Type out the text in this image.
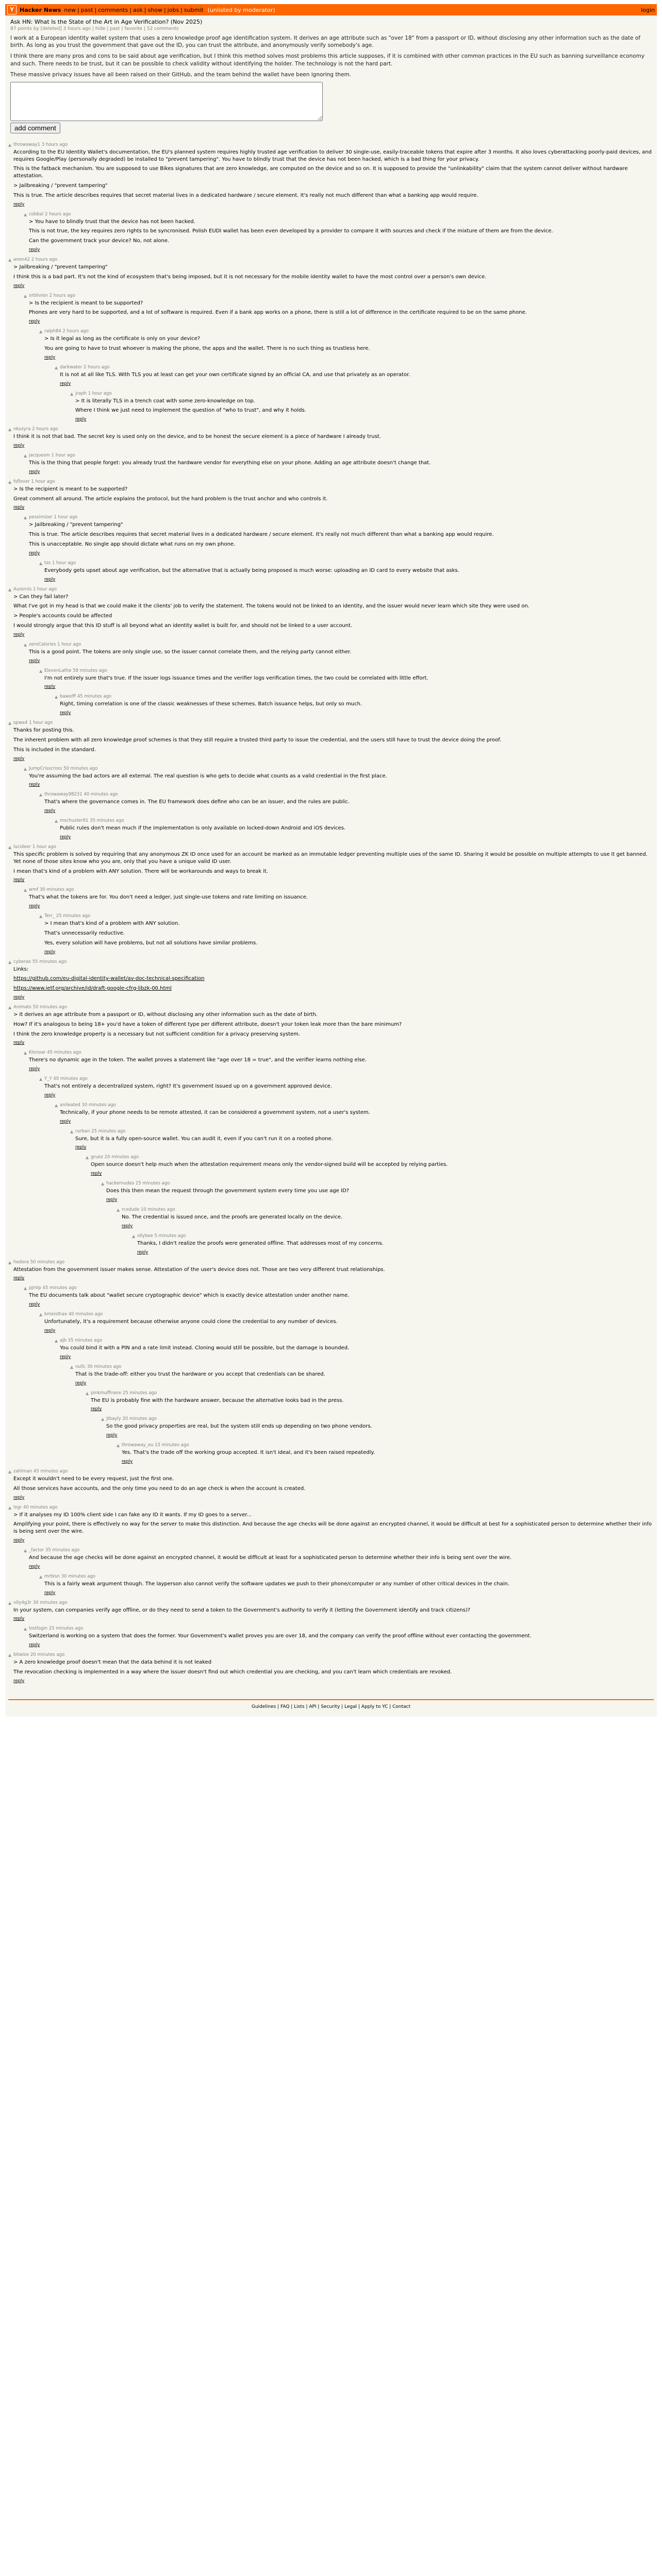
Y	Hacker News new | past | comments | ask | show | jobs | submit (unlisted by moderator)	login
Ask HN: What Is the State of the Art in Age Verification? (Nov 2025)
87 points by [deleted] 3 hours ago | hide | past | favorite | 52 comments

I work at a European identity wallet system that uses a zero knowledge proof age identification system. It derives an age attribute such as "over 18" from a passport or ID, without disclosing any other information such as the date of birth. As long as you trust the government that gave out the ID, you can trust the attribute, and anonymously verify somebody's age.

I think there are many pros and cons to be said about age verification, but I think this method solves most problems this article supposes, if it is combined with other common practices in the EU such as banning surveillance economy and such. There needs to be trust, but it can be possible to check validity without identifying the holder. The technology is not the hard part.

These massive privacy issues have all been raised on their GitHub, and the team behind the wallet have been ignoring them.

add comment
▲ throwaway1 3 hours ago

According to the EU Identity Wallet's documentation, the EU's planned system requires highly trusted age verification to deliver 30 single-use, easily-traceable tokens that expire after 3 months. It also loves cyberattacking poorly-paid devices, and requires Google/Play (personally degraded) be installed to "prevent tampering". You have to blindly trust that the device has not been hacked, which is a bad thing for your privacy.

This is the fatback mechanism. You are supposed to use Bikes signatures that are zero knowledge, are computed on the device and so on. It is supposed to provide the "unlinkability" claim that the system cannot deliver without hardware attestation.

> Jailbreaking / "prevent tampering"

This is true. The article describes requires that secret material lives in a dedicated hardware / secure element. It's really not much different than what a banking app would require.

reply
▲ cobbal 2 hours ago

> You have to blindly trust that the device has not been hacked.

This is not true, the key requires zero rights to be syncronised. Polish EUDI wallet has been even developed by a provider to compare it with sources and check if the mixture of them are from the device.

Can the government track your device? No, not alone.

reply
▲ anon42 2 hours ago

> Jailbreaking / "prevent tampering"

I think this is a bad part. It's not the kind of ecosystem that's being imposed, but it is not necessary for the mobile identity wallet to have the most control over a person's own device.

reply
▲ orblivion 2 hours ago

> Is the recipient is meant to be supported?

Phones are very hard to be supported, and a lot of software is required. Even if a bank app works on a phone, there is still a lot of difference in the certificate required to be on the same phone.

reply
▲ ralph84 2 hours ago

> Is it legal as long as the certificate is only on your device?

You are going to have to trust whoever is making the phone, the apps and the wallet. There is no such thing as trustless here.

reply
▲ darkwater 2 hours ago

It is not at all like TLS. With TLS you at least can get your own certificate signed by an official CA, and use that privately as an operator.

reply
▲ jraph 1 hour ago

> It is literally TLS in a trench coat with some zero-knowledge on top.

Where I think we just need to implement the question of "who to trust", and why it holds.

reply
▲ nkozyra 2 hours ago

I think it is not that bad. The secret key is used only on the device, and to be honest the secure element is a piece of hardware I already trust.

reply
▲ jacquesm 1 hour ago

This is the thing that people forget: you already trust the hardware vendor for everything else on your phone. Adding an age attribute doesn't change that.

reply
▲ fsflover 1 hour ago

> Is the recipient is meant to be supported?

Great comment all around. The article explains the protocol, but the hard problem is the trust anchor and who controls it.

reply
▲ pessimizer 1 hour ago

> Jailbreaking / "prevent tampering"

This is true. The article describes requires that secret material lives in a dedicated hardware / secure element. It's really not much different than what a banking app would require.

This is unacceptable. No single app should dictate what runs on my own phone.

reply
▲ tzs 1 hour ago

Everybody gets upset about age verification, but the alternative that is actually being proposed is much worse: uploading an ID card to every website that asks.

reply
▲ Aurornis 1 hour ago

> Can they fail later?

What I've got in my head is that we could make it the clients' job to verify the statement. The tokens would not be linked to an identity, and the issuer would never learn which site they were used on.

> People's accounts could be affected

I would strongly argue that this ID stuff is all beyond what an identity wallet is built for, and should not be linked to a user account.

reply
▲ zeroCalories 1 hour ago

This is a good point. The tokens are only single use, so the issuer cannot correlate them, and the relying party cannot either.

reply
▲ ElevenLathe 58 minutes ago

I'm not entirely sure that's true. If the issuer logs issuance times and the verifier logs verification times, the two could be correlated with little effort.

reply
▲ bawolff 45 minutes ago

Right, timing correlation is one of the classic weaknesses of these schemes. Batch issuance helps, but only so much.

reply
▲ spwa4 1 hour ago

Thanks for posting this.

The inherent problem with all zero knowledge proof schemes is that they still require a trusted third party to issue the credential, and the users still have to trust the device doing the proof.

This is included in the standard.

reply
▲ JumpCrisscross 50 minutes ago

You're assuming the bad actors are all external. The real question is who gets to decide what counts as a valid credential in the first place.

reply
▲ throwaway98231 40 minutes ago

That's where the governance comes in. The EU framework does define who can be an issuer, and the rules are public.

reply
▲ mschuster91 35 minutes ago

Public rules don't mean much if the implementation is only available on locked-down Android and iOS devices.

reply
▲ lucideer 1 hour ago

This specific problem is solved by requiring that any anonymous ZK ID once used for an account be marked as an immutable ledger preventing multiple uses of the same ID. Sharing it would be possible on multiple attempts to use it get banned. Yet none of those sites know who you are, only that you have a unique valid ID user.

I mean that's kind of a problem with ANY solution. There will be workarounds and ways to break it.

reply
▲ wmf 30 minutes ago

That's what the tokens are for. You don't need a ledger, just single-use tokens and rate limiting on issuance.

reply
▲ Terr_ 25 minutes ago

> I mean that's kind of a problem with ANY solution.

That's unnecessarily reductive.

Yes, every solution will have problems, but not all solutions have similar problems.

reply
▲ cyberax 55 minutes ago

Links:

https://github.com/eu-digital-identity-wallet/av-doc-technical-specification

https://www.ietf.org/archive/id/draft-google-cfrg-libzk-00.html

reply
▲ Animats 50 minutes ago

> It derives an age attribute from a passport or ID, without disclosing any other information such as the date of birth.

How? If it's analogous to being 18+ you'd have a token of different type per different attribute, doesn't your token leak more than the bare minimum?

I think the zero knowledge property is a necessary but not sufficient condition for a privacy preserving system.

reply
▲ Klonoar 45 minutes ago

There's no dynamic age in the token. The wallet proves a statement like "age over 18 = true", and the verifier learns nothing else.

reply
▲ Y_Y 40 minutes ago

That's not entirely a decentralized system, right? It's government issued up on a government approved device.

reply
▲ anileated 30 minutes ago

Technically, if your phone needs to be remote attested, it can be considered a government system, not a user's system.

reply
▲ rurban 25 minutes ago

Sure, but it is a fully open-source wallet. You can audit it, even if you can't run it on a rooted phone.

reply
▲ gruez 20 minutes ago

Open source doesn't help much when the attestation requirement means only the vendor-signed build will be accepted by relying parties.

reply
▲ hackernudes 15 minutes ago

Does this then mean the request through the government system every time you use age ID?

reply
▲ rcxdude 10 minutes ago

No. The credential is issued once, and the proofs are generated locally on the device.

reply
▲ ollybee 5 minutes ago

Thanks, I didn't realize the proofs were generated offline. That addresses most of my concerns.

reply
▲ hedora 50 minutes ago

Attestation from the government issuer makes sense. Attestation of the user's device does not. Those are two very different trust relationships.

reply
▲ pjmlp 45 minutes ago

The EU documents talk about "wallet secure cryptographic device" which is exactly device attestation under another name.

reply
▲ kmeisthax 40 minutes ago

Unfortunately, it's a requirement because otherwise anyone could clone the credential to any number of devices.

reply
▲ ajb 35 minutes ago

You could bind it with a PIN and a rate limit instead. Cloning would still be possible, but the damage is bounded.

reply
▲ nullc 30 minutes ago

That is the trade-off: either you trust the hardware or you accept that credentials can be shared.

reply
▲ pinkmuffinere 25 minutes ago

The EU is probably fine with the hardware answer, because the alternative looks bad in the press.

reply
▲ jtbayly 20 minutes ago

So the good privacy properties are real, but the system still ends up depending on two phone vendors.

reply
▲ throwaway_eu 15 minutes ago

Yes. That's the trade off the working group accepted. It isn't ideal, and it's been raised repeatedly.

reply
▲ zahlman 45 minutes ago

Except it wouldn't need to be every request, just the first one.

All those services have accounts, and the only time you need to do an age check is when the account is created.

reply
▲ lxgr 40 minutes ago

> If it analyses my ID 100% client side I can fake any ID it wants. If my ID goes to a server...

Amplifying your point, there is effectively no way for the server to make this distinction. And because the age checks will be done against an encrypted channel, it would be difficult at best for a sophisticated person to determine whether their info is being sent over the wire.

reply
▲ _factor 35 minutes ago

And because the age checks will be done against an encrypted channel, it would be difficult at least for a sophisticated person to determine whether their info is being sent over the wire.

reply
▲ mrtksn 30 minutes ago

This is a fairly weak argument though. The layperson also cannot verify the software updates we push to their phone/computer or any number of other critical devices in the chain.

reply
▲ v0y4g3r 30 minutes ago

In your system, can companies verify age offline, or do they need to send a token to the Government's authority to verify it (letting the Government identify and track citizens)?

reply
▲ lostlogin 25 minutes ago

Switzerland is working on a system that does the former. Your Government's wallet proves you are over 18, and the company can verify the proof offline without ever contacting the government.

reply
▲ bitwize 20 minutes ago

> A zero knowledge proof doesn't mean that the data behind it is not leaked

The revocation checking is implemented in a way where the issuer doesn't find out which credential you are checking, and you can't learn which credentials are revoked.

reply
Guidelines | FAQ | Lists | API | Security | Legal | Apply to YC | Contact
